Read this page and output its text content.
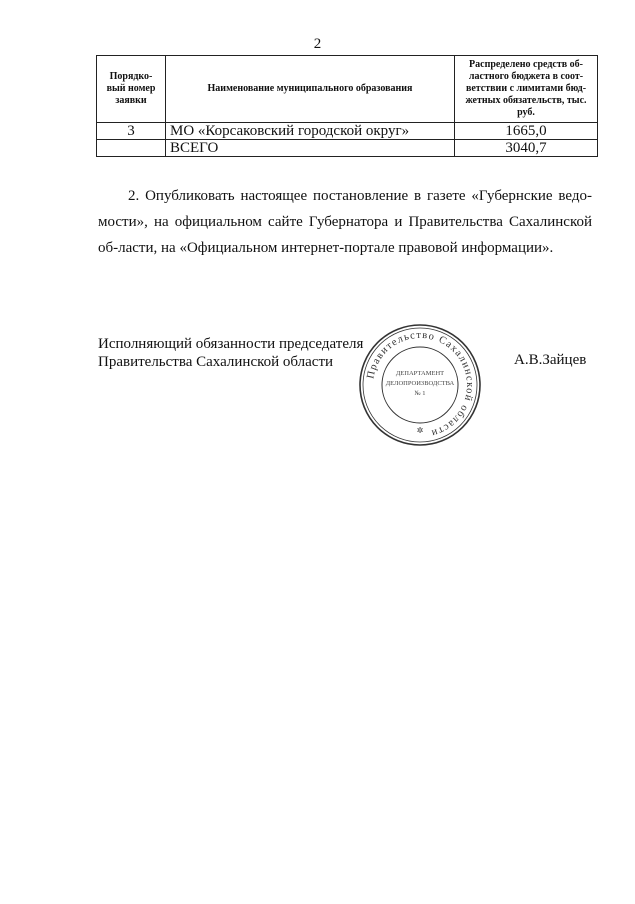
2
Порядко-вый номер заявки	Наименование муниципального образования	Распределено средств об-ластного бюджета в соот-ветствии с лимитами бюд-жетных обязательств, тыс. руб.
3	МО «Корсаковский городской округ»	1665,0
	ВСЕГО	3040,7
2. Опубликовать настоящее постановление в газете «Губернские ведо-мости», на официальном сайте Губернатора и Правительства Сахалинской об-ласти, на «Официальном интернет-портале правовой информации».
Исполняющий обязанности председателя
Правительства Сахалинской области
Правительство Сахалинской области
ДЕПАРТАМЕНТ
ДЕЛОПРОИЗВОДСТВА
№ 1
✲
А.В.Зайцев
